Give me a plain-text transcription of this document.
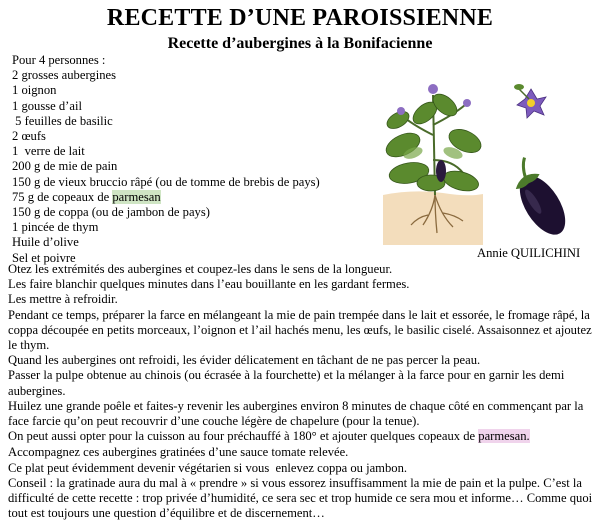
RECETTE D’UNE PAROISSIENNE
Recette d’aubergines à la Bonifacienne
Pour 4 personnes :
2 grosses aubergines
1 oignon
1 gousse d’ail
5 feuilles de basilic
2 œufs
1  verre de lait
200 g de mie de pain
150 g de vieux bruccio râpé (ou de tomme de brebis de pays)
75 g de copeaux de parmesan
150 g de coppa (ou de jambon de pays)
1 pincée de thym
Huile d’olive
Sel et poivre	Annie QUILICHINI

Otez les extrémités des aubergines et coupez-les dans le sens de la longueur.

Les faire blanchir quelques minutes dans l’eau bouillante en les gardant fermes.

Les mettre à refroidir.

Pendant ce temps, préparer la farce en mélangeant la mie de pain trempée dans le lait et essorée, le fromage râpé, la coppa découpée en petits morceaux, l’oignon et l’ail hachés menu, les œufs, le basilic ciselé. Assaisonnez et ajoutez le thym.

Quand les aubergines ont refroidi, les évider délicatement en tâchant de ne pas percer la peau.

Passer la pulpe obtenue au chinois (ou écrasée à la fourchette) et la mélanger à la farce pour en garnir les demi aubergines.

Huilez une grande poêle et faites-y revenir les aubergines environ 8 minutes de chaque côté en commençant par la face farcie qu’on peut recouvrir d’une couche légère de chapelure (pour la tenue).

On peut aussi opter pour la cuisson au four préchauffé à 180° et ajouter quelques copeaux de parmesan.

Accompagnez ces aubergines gratinées d’une sauce tomate relevée.

Ce plat peut évidemment devenir végétarien si vous  enlevez coppa ou jambon.

Conseil : la gratinade aura du mal à « prendre » si vous essorez insuffisamment la mie de pain et la pulpe. C’est la difficulté de cette recette : trop privée d’humidité, ce sera sec et trop humide ce sera mou et informe… Comme quoi tout est toujours une question d’équilibre et de discernement…
